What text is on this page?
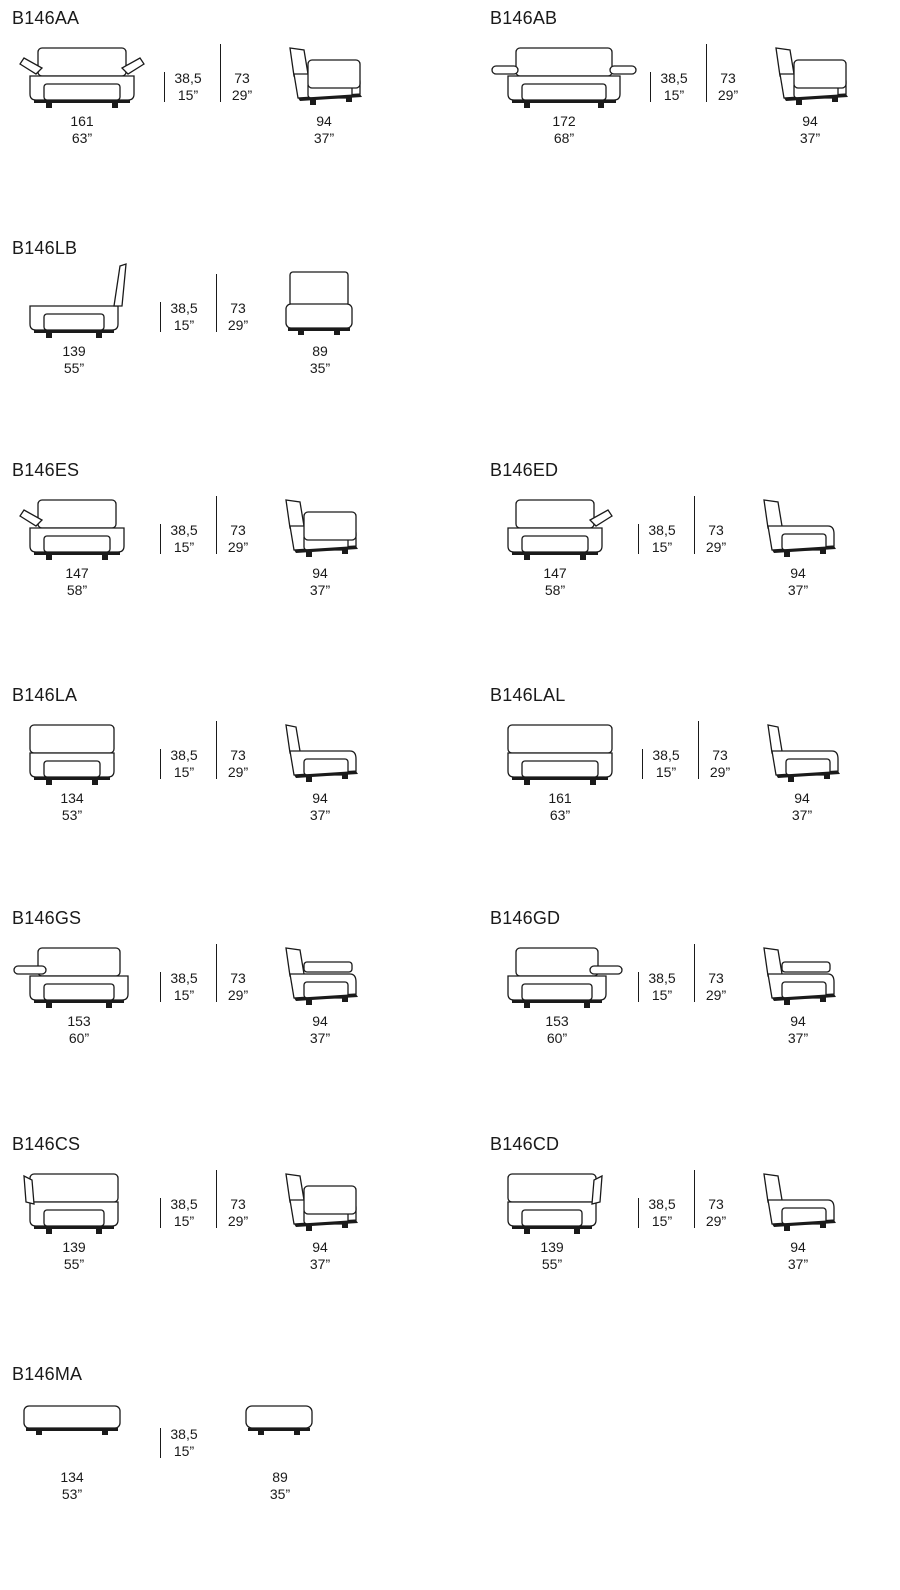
B146AA
161
63”
38,5
15”
73
29”
94
37”
B146AB
172
68”
38,5
15”
73
29”
94
37”
B146LB
139
55”
38,5
15”
73
29”
89
35”
B146ES
147
58”
38,5
15”
73
29”
94
37”
B146ED
147
58”
38,5
15”
73
29”
94
37”
B146LA
134
53”
38,5
15”
73
29”
94
37”
B146LAL
161
63”
38,5
15”
73
29”
94
37”
B146GS
153
60”
38,5
15”
73
29”
94
37”
B146GD
153
60”
38,5
15”
73
29”
94
37”
B146CS
139
55”
38,5
15”
73
29”
94
37”
B146CD
139
55”
38,5
15”
73
29”
94
37”
B146MA
134
53”
38,5
15”
89
35”
